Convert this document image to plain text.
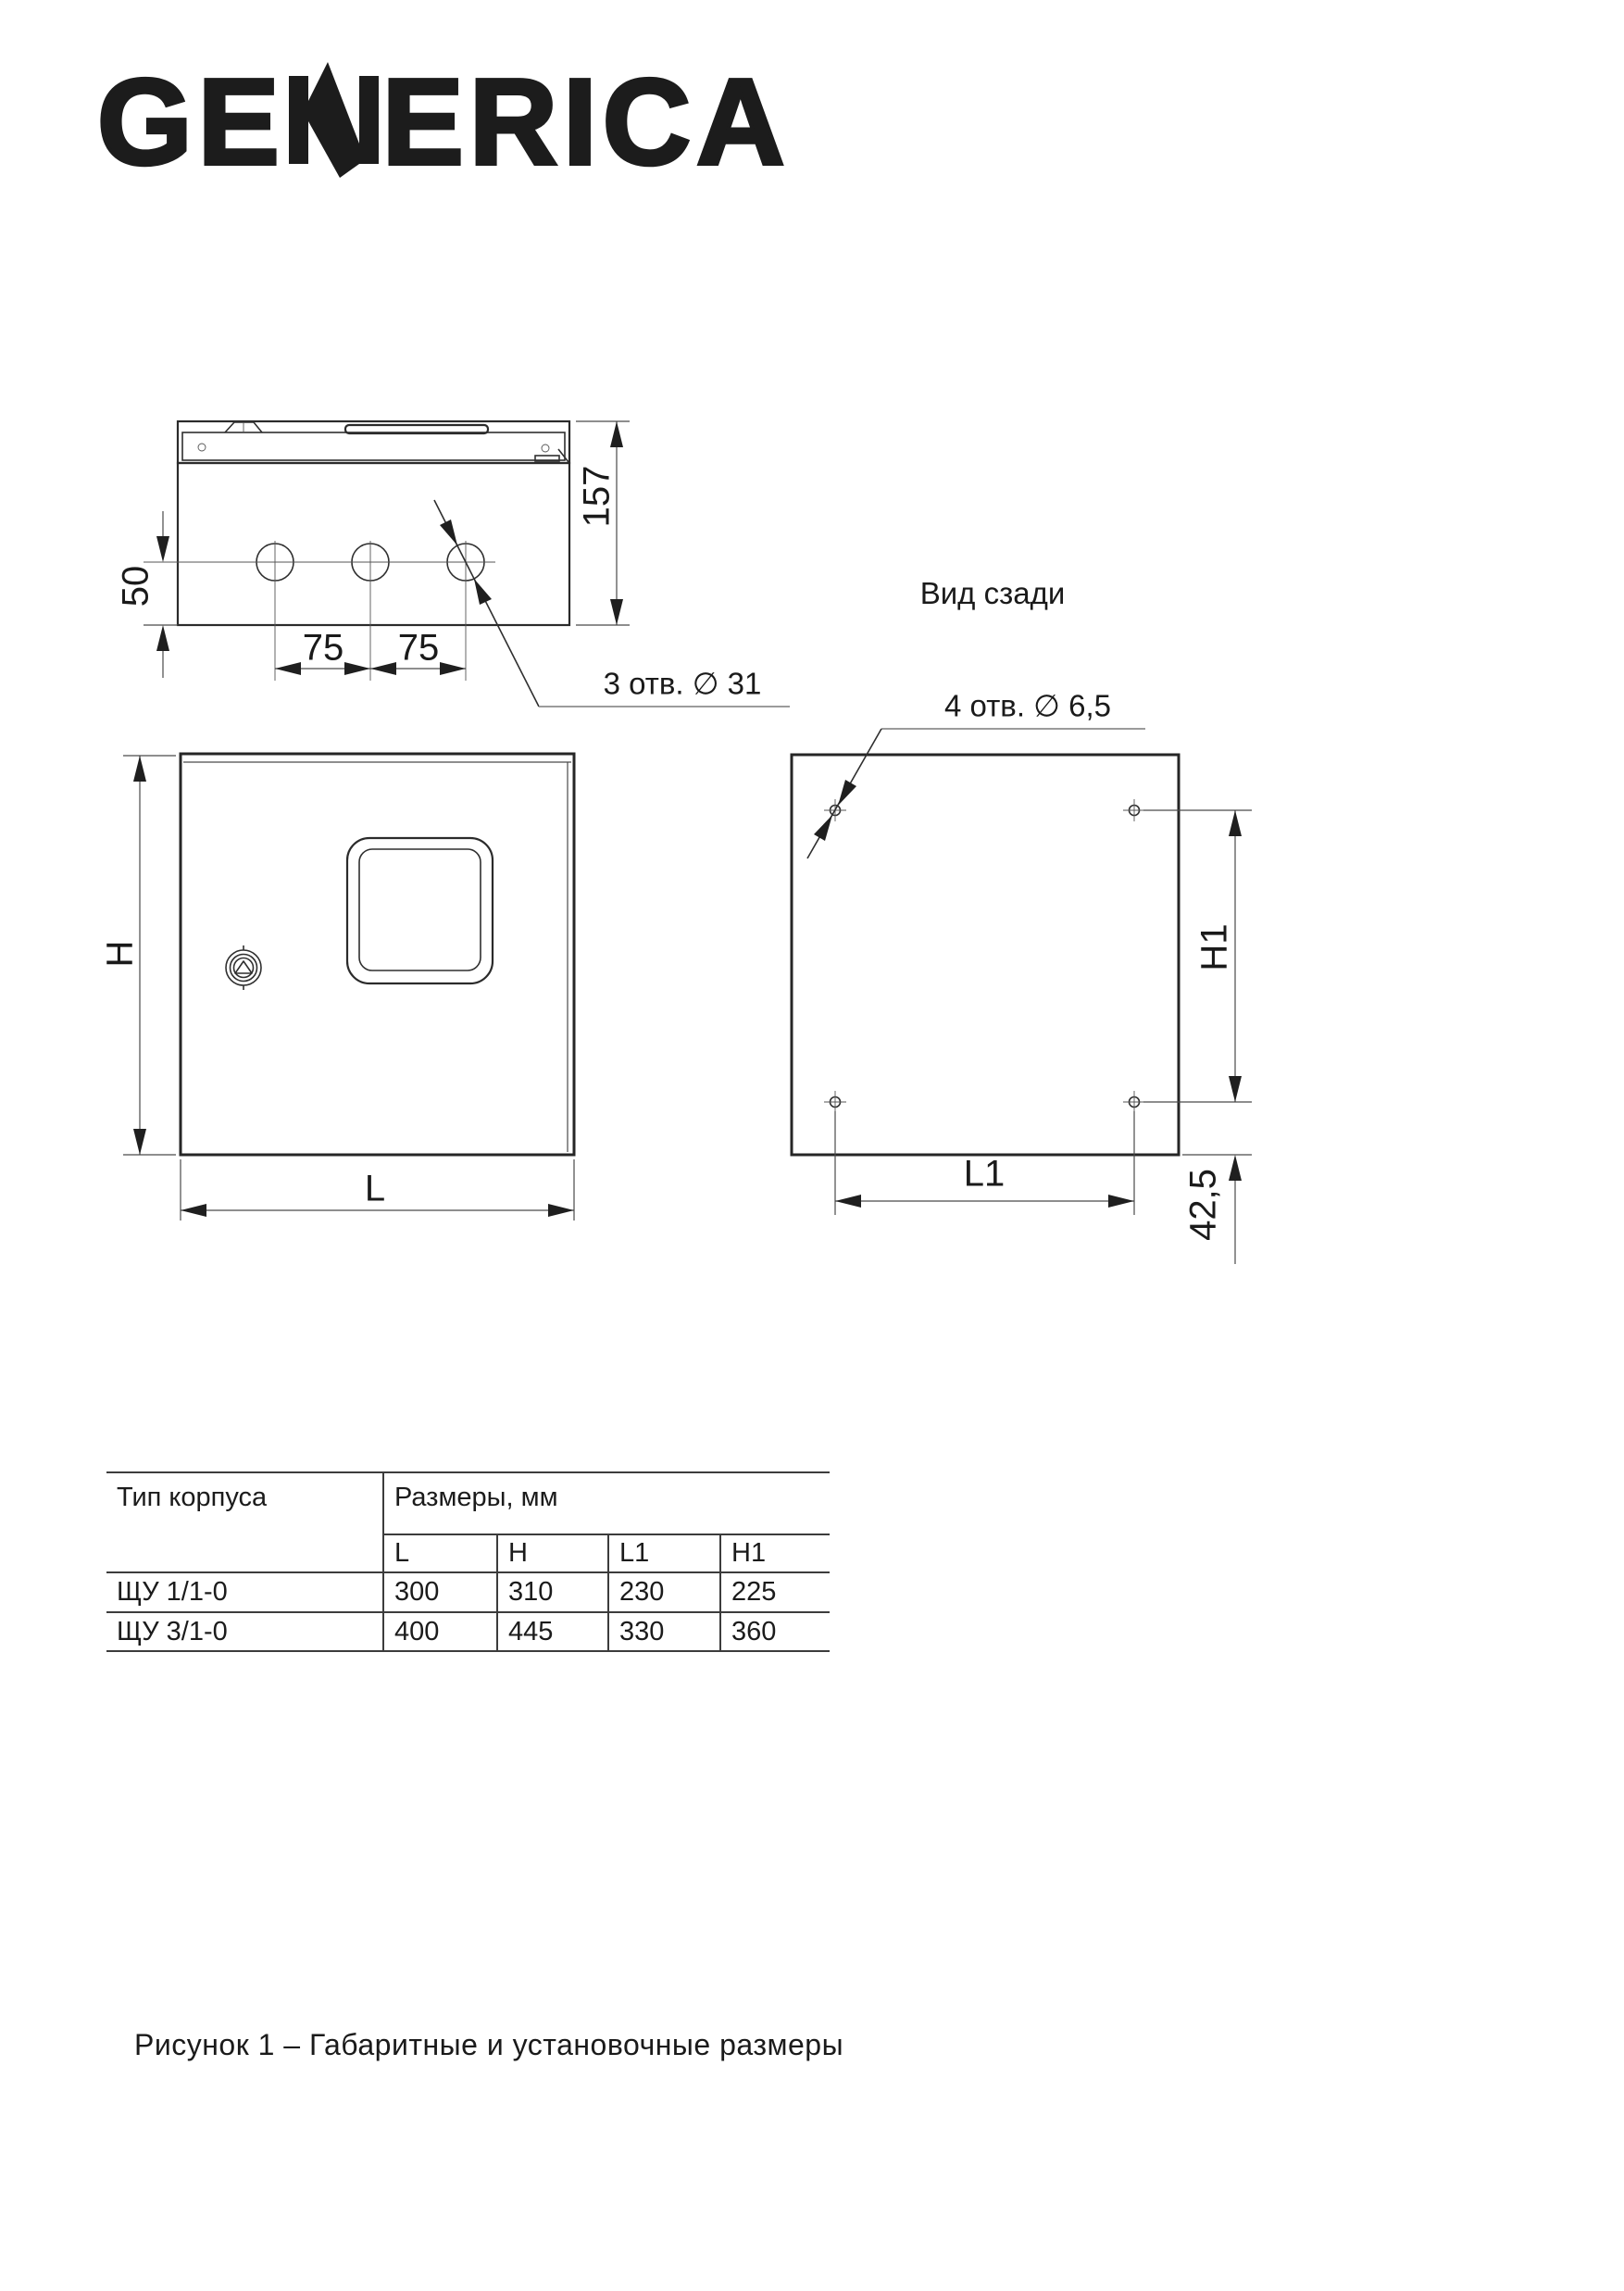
GE ERICA
157
50
75 75
3 отв. ∅ 31
H
L
Вид сзади
4 отв. ∅ 6,5
H1
L1	42,5
Тип корпуса	Размеры, мм			
	L	H	L1	H1
ЩУ 1/1-0	300	310	230	225
ЩУ 3/1-0	400	445	330	360
Рисунок 1 – Габаритные и установочные размеры
